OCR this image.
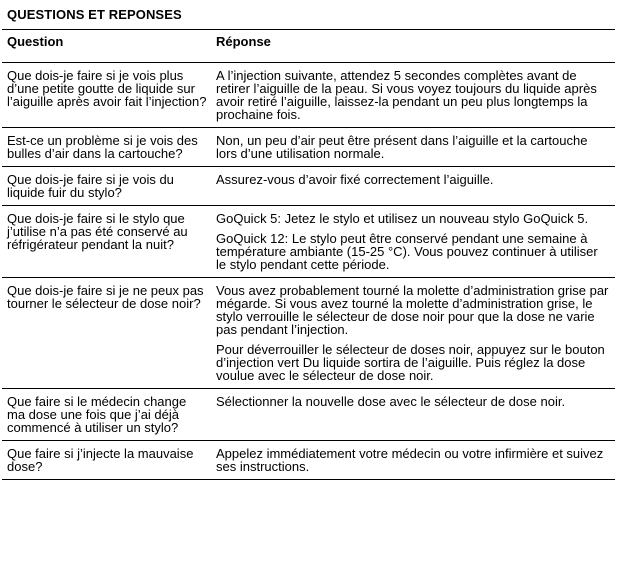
QUESTIONS ET REPONSES
Question	Réponse
Que dois-je faire si je vois plus d’une petite goutte de liquide sur l’aiguille après avoir fait l’injection?	A l’injection suivante, attendez 5 secondes complètes avant de retirer l’aiguille de la peau. Si vous voyez toujours du liquide après avoir retiré l’aiguille, laissez-la pendant un peu plus longtemps la prochaine fois.

Est-ce un problème si je vois des bulles d’air dans la cartouche?	Non, un peu d’air peut être présent dans l’aiguille et la cartouche lors d’une utilisation normale.

Que dois-je faire si je vois du liquide fuir du stylo?	Assurez-vous d’avoir fixé correctement l’aiguille.

Que dois-je faire si le stylo que j’utilise n’a pas été conservé au réfrigérateur pendant la nuit?	GoQuick 5: Jetez le stylo et utilisez un nouveau stylo GoQuick 5.

GoQuick 12: Le stylo peut être conservé pendant une semaine à température ambiante (15-25 °C). Vous pouvez continuer à utiliser le stylo pendant cette période.

Que dois-je faire si je ne peux pas tourner le sélecteur de dose noir?	Vous avez probablement tourné la molette d’administration grise par mégarde. Si vous avez tourné la molette d’administration grise, le stylo verrouille le sélecteur de dose noir pour que la dose ne varie pas pendant l’injection.

Pour déverrouiller le sélecteur de doses noir, appuyez sur le bouton d’injection vert Du liquide sortira de l’aiguille. Puis réglez la dose voulue avec le sélecteur de dose noir.

Que faire si le médecin change ma dose une fois que j’ai déjà commencé à utiliser un stylo?	Sélectionner la nouvelle dose avec le sélecteur de dose noir.

Que faire si j’injecte la mauvaise dose?	Appelez immédiatement votre médecin ou votre infirmière et suivez ses instructions.
